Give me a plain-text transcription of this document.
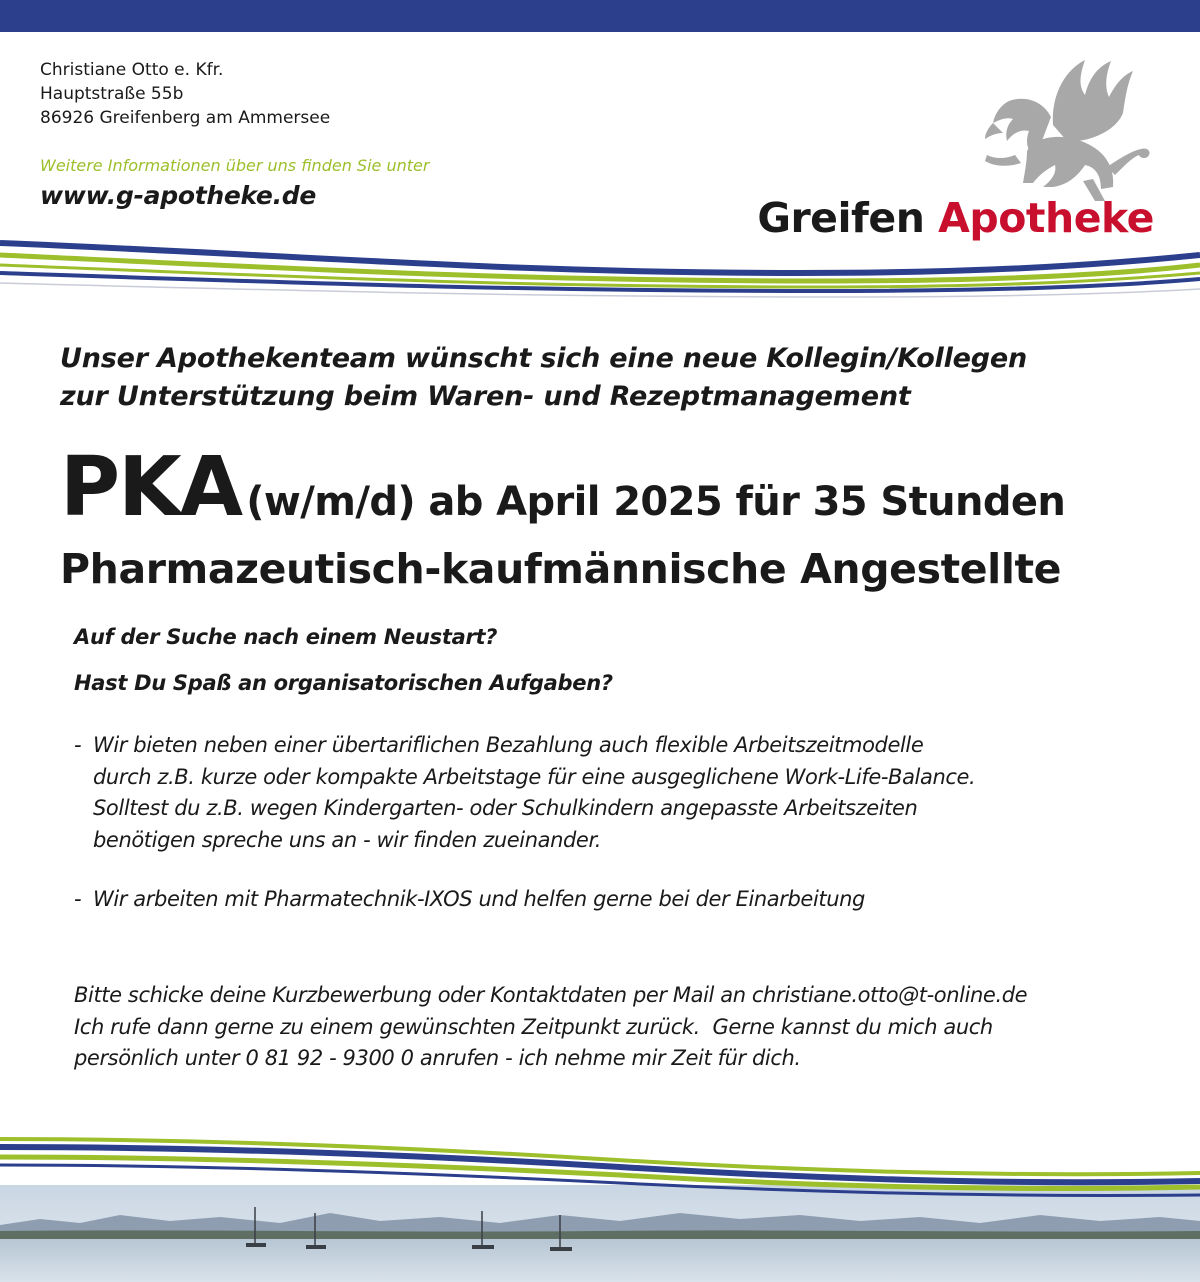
Christiane Otto e. Kfr.
Hauptstraße 55b
86926 Greifenberg am Ammersee
Weitere Informationen über uns finden Sie unter
www.g-apotheke.de	Greifen Apotheke
Unser Apothekenteam wünscht sich eine neue Kollegin/Kollegen
zur Unterstützung beim Waren- und Rezeptmanagement
PKA (w/m/d) ab April 2025 für 35 Stunden
Pharmazeutisch-kaufmännische Angestellte
Auf der Suche nach einem Neustart?
Hast Du Spaß an organisatorischen Aufgaben?
- Wir bieten neben einer übertariflichen Bezahlung auch flexible Arbeitszeitmodelle
durch z.B. kurze oder kompakte Arbeitstage für eine ausgeglichene Work-Life-Balance.
Solltest du z.B. wegen Kindergarten- oder Schulkindern angepasste Arbeitszeiten
benötigen spreche uns an - wir finden zueinander.
- Wir arbeiten mit Pharmatechnik-IXOS und helfen gerne bei der Einarbeitung
Bitte schicke deine Kurzbewerbung oder Kontaktdaten per Mail an christiane.otto@t-online.de
Ich rufe dann gerne zu einem gewünschten Zeitpunkt zurück.  Gerne kannst du mich auch
persönlich unter 0 81 92 - 9300 0 anrufen - ich nehme mir Zeit für dich.
